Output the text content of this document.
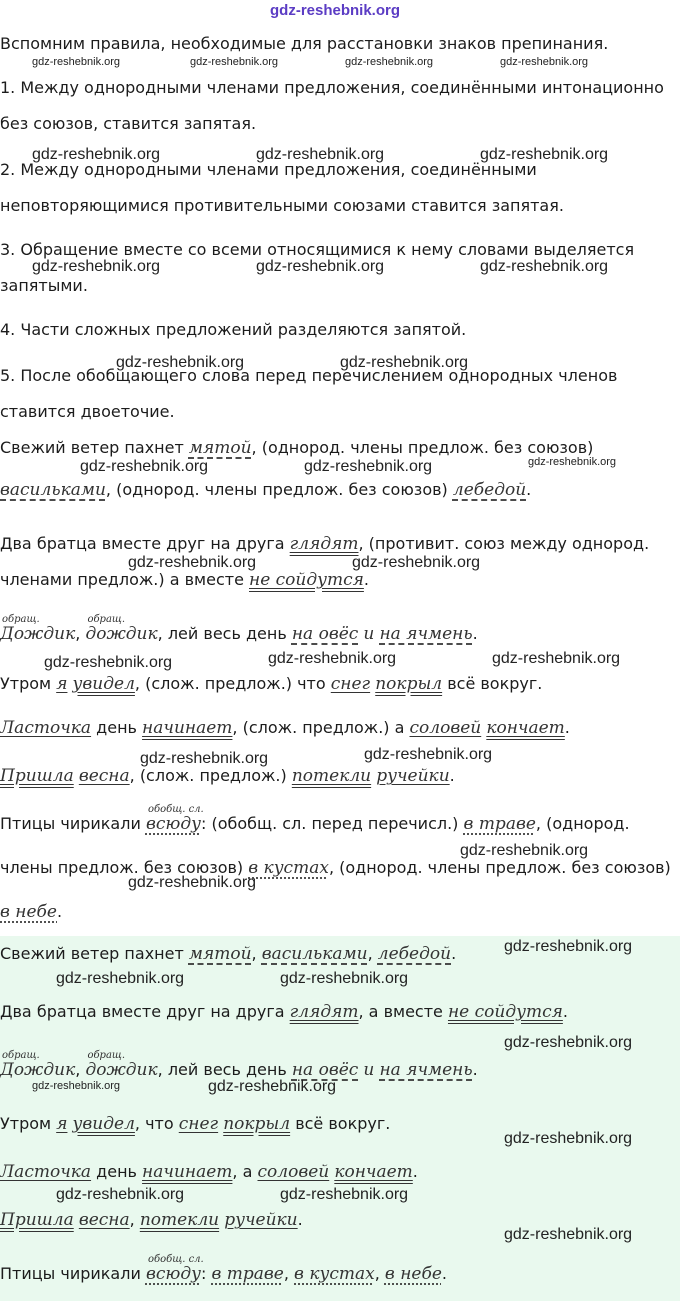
gdz-reshebnik.org
Вспомним правила, необходимые для расстановки знаков препинания.
gdz-reshebnik.org	gdz-reshebnik.org	gdz-reshebnik.org	gdz-reshebnik.org
1. Между однородными членами предложения, соединёнными интонационно
без союзов, ставится запятая.
2. Между однородными членами предложения, соединёнными
gdz-reshebnik.org	gdz-reshebnik.org	gdz-reshebnik.org
неповторяющимися противительными союзами ставится запятая.
3. Обращение вместе со всеми относящимися к нему словами выделяется
gdz-reshebnik.org	gdz-reshebnik.org	gdz-reshebnik.org
запятыми.
4. Части сложных предложений разделяются запятой.
gdz-reshebnik.org	gdz-reshebnik.org
5. После обобщающего слова перед перечислением однородных членов
ставится двоеточие.
Свежий ветер пахнет мятой, (однород. члены предлож. без союзов)
gdz-reshebnik.org	gdz-reshebnik.org	gdz-reshebnik.org
васильками, (однород. члены предлож. без союзов) лебедой.
Два братца вместе друг на друга глядят, (противит. союз между однород.
gdz-reshebnik.org	gdz-reshebnik.org
членами предлож.) а вместе не сойдутся.
обращ.
Дождик,
обращ.
дождик, лей весь день на овёс и на ячмень.
gdz-reshebnik.org	gdz-reshebnik.org	gdz-reshebnik.org
Утром я увидел, (слож. предлож.) что снег покрыл всё вокруг.
Ласточка день начинает, (слож. предлож.) а соловей кончает.
gdz-reshebnik.org	gdz-reshebnik.org
Пришла весна, (слож. предлож.) потекли ручейки.
Птицы чирикали
обобщ. сл.
всюду: (обобщ. сл. перед перечисл.) в траве, (однород.
gdz-reshebnik.org
члены предлож. без союзов) в кустах, (однород. члены предлож. без союзов)
gdz-reshebnik.org
в небе.
Свежий ветер пахнет мятой, васильками, лебедой.	gdz-reshebnik.org
gdz-reshebnik.org	gdz-reshebnik.org
Два братца вместе друг на друга глядят, а вместе не сойдутся.
gdz-reshebnik.org
обращ.
Дождик,
обращ.
дождик, лей весь день на овёс и на ячмень.
gdz-reshebnik.org	gdz-reshebnik.org
Утром я увидел, что снег покрыл всё вокруг.
gdz-reshebnik.org
Ласточка день начинает, а соловей кончает.
gdz-reshebnik.org	gdz-reshebnik.org
Пришла весна, потекли ручейки.
gdz-reshebnik.org
Птицы чирикали
обобщ. сл.
всюду: в траве, в кустах, в небе.
